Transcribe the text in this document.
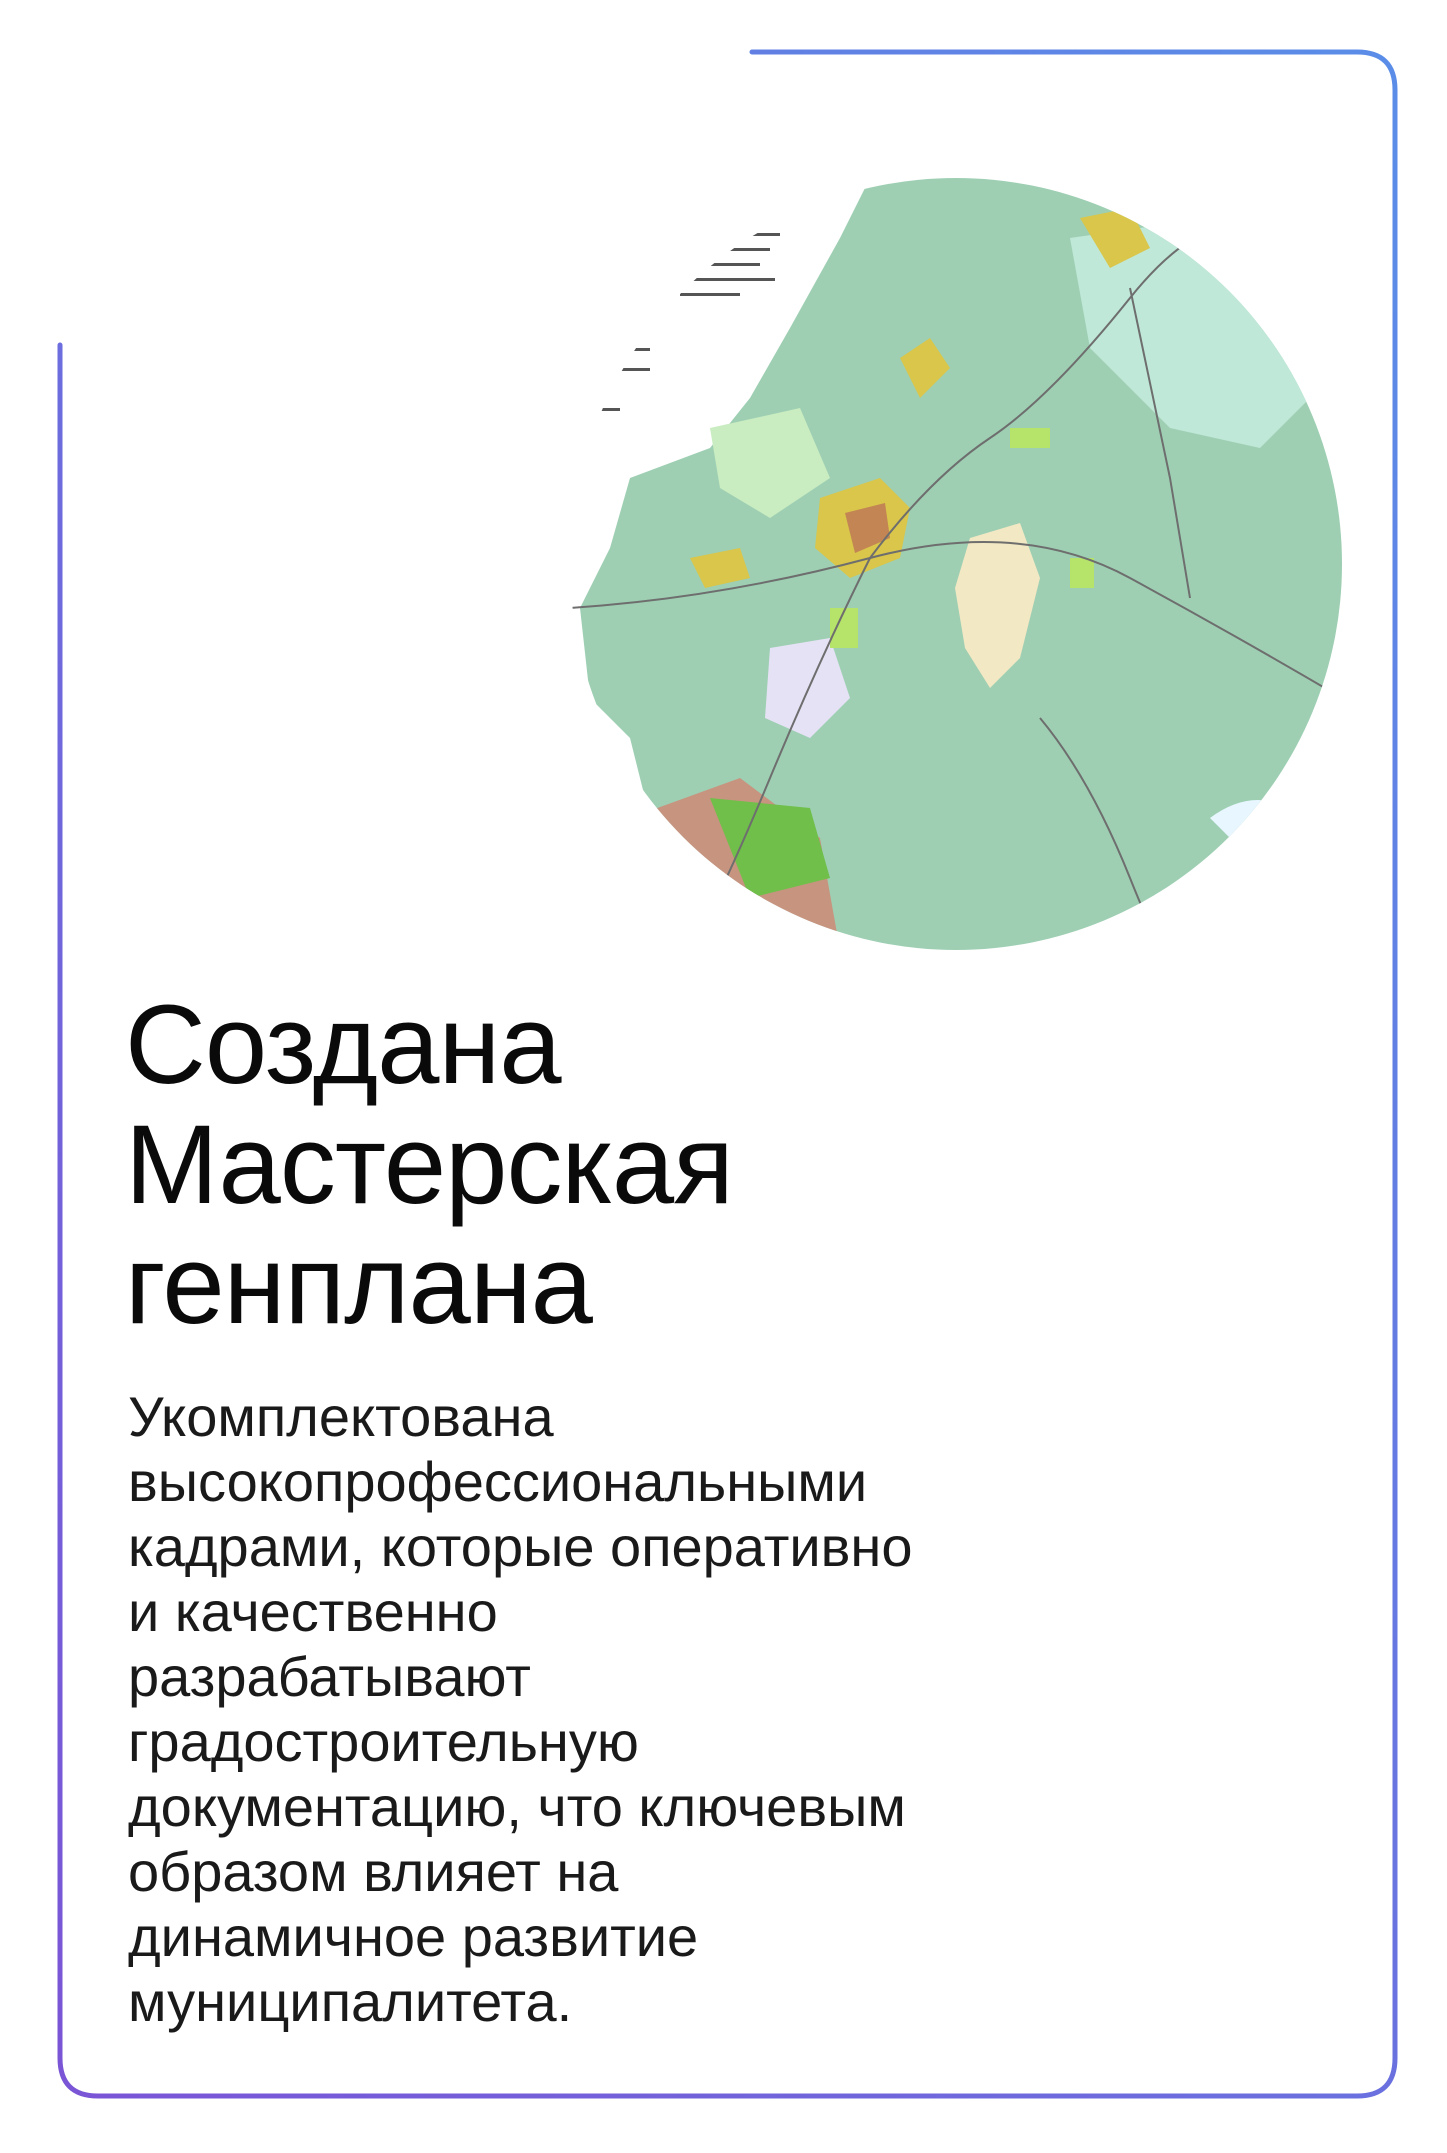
Создана
Мастерская
генплана

Укомплектована
высокопрофессиональными
кадрами, которые оперативно
и качественно
разрабатывают
градостроительную
документацию, что ключевым
образом влияет на
динамичное развитие
муниципалитета.
